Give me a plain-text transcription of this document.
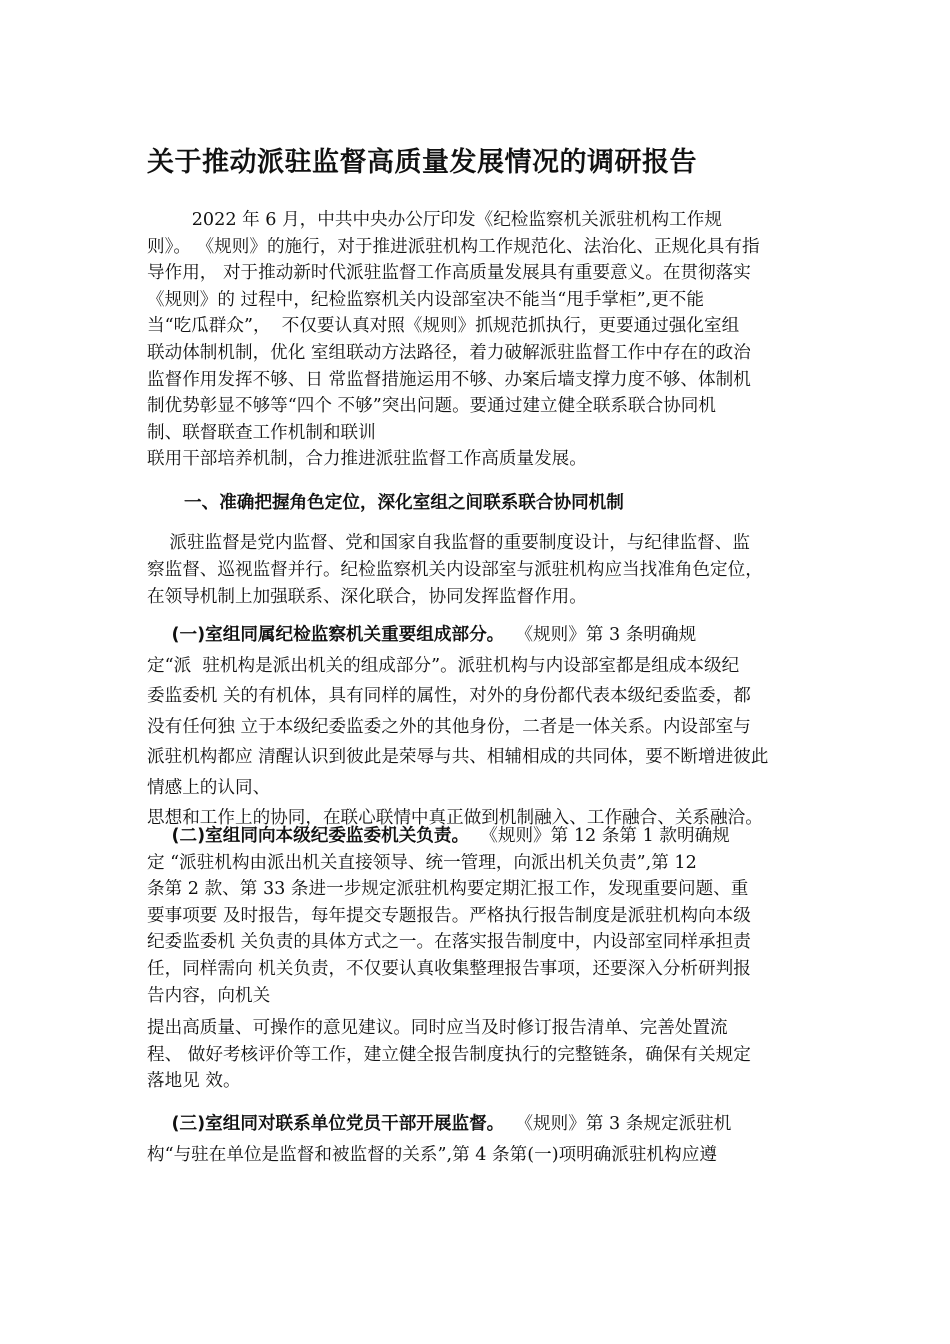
关于推动派驻监督高质量发展情况的调研报告
2022 年 6 月，中共中央办公厅印发《纪检监察机关派驻机构工作规
则》。 《规则》的施行，对于推进派驻机构工作规范化、法治化、正规化具有指
导作用， 对于推动新时代派驻监督工作高质量发展具有重要意义。在贯彻落实
《规则》的 过程中，纪检监察机关内设部室决不能当“甩手掌柜”,更不能
当“吃瓜群众”，  不仅要认真对照《规则》抓规范抓执行，更要通过强化室组
联动体制机制，优化 室组联动方法路径，着力破解派驻监督工作中存在的政治
监督作用发挥不够、日 常监督措施运用不够、办案后墙支撑力度不够、体制机
制优势彰显不够等“四个 不够”突出问题。要通过建立健全联系联合协同机
制、联督联查工作机制和联训
联用干部培养机制，合力推进派驻监督工作高质量发展。
一、准确把握角色定位，深化室组之间联系联合协同机制
派驻监督是党内监督、党和国家自我监督的重要制度设计，与纪律监督、监
察监督、巡视监督并行。纪检监察机关内设部室与派驻机构应当找准角色定位，
在领导机制上加强联系、深化联合，协同发挥监督作用。
(一)室组同属纪检监察机关重要组成部分。  《规则》第 3 条明确规
定“派  驻机构是派出机关的组成部分”。派驻机构与内设部室都是组成本级纪
委监委机 关的有机体，具有同样的属性，对外的身份都代表本级纪委监委，都
没有任何独 立于本级纪委监委之外的其他身份，二者是一体关系。内设部室与
派驻机构都应 清醒认识到彼此是荣辱与共、相辅相成的共同体，要不断增进彼此
情感上的认同、
思想和工作上的协同，在联心联情中真正做到机制融入、工作融合、关系融洽。
(二)室组同向本级纪委监委机关负责。  《规则》第 12 条第 1 款明确规
定 “派驻机构由派出机关直接领导、统一管理，向派出机关负责”,第 12
条第 2 款、第 33 条进一步规定派驻机构要定期汇报工作，发现重要问题、重
要事项要 及时报告，每年提交专题报告。严格执行报告制度是派驻机构向本级
纪委监委机 关负责的具体方式之一。在落实报告制度中，内设部室同样承担责
任，同样需向 机关负责，不仅要认真收集整理报告事项，还要深入分析研判报
告内容，向机关
提出高质量、可操作的意见建议。同时应当及时修订报告清单、完善处置流
程、 做好考核评价等工作，建立健全报告制度执行的完整链条，确保有关规定
落地见 效。
(三)室组同对联系单位党员干部开展监督。  《规则》第 3 条规定派驻机
构“与驻在单位是监督和被监督的关系”,第 4 条第(一)项明确派驻机构应遵
